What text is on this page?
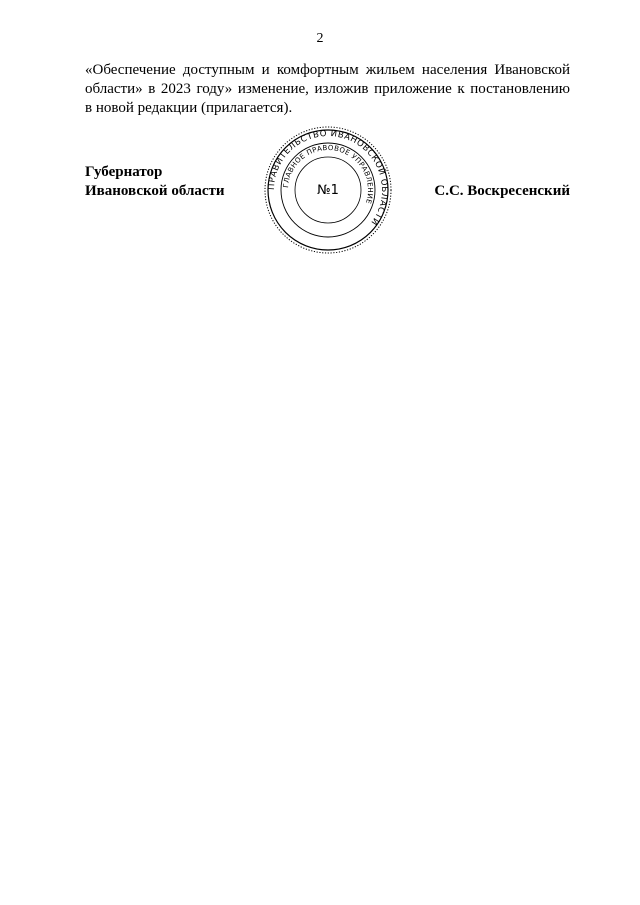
2

«Обеспечение доступным и комфортным жильем населения Ивановской
области» в 2023 году» изменение, изложив приложение к постановлению
в новой редакции (прилагается).

Губернатор
Ивановской области	С.С. Воскресенский
ПРАВИТЕЛЬСТВО ИВАНОВСКОЙ ОБЛАСТИ
ГЛАВНОЕ ПРАВОВОЕ УПРАВЛЕНИЕ
№1
